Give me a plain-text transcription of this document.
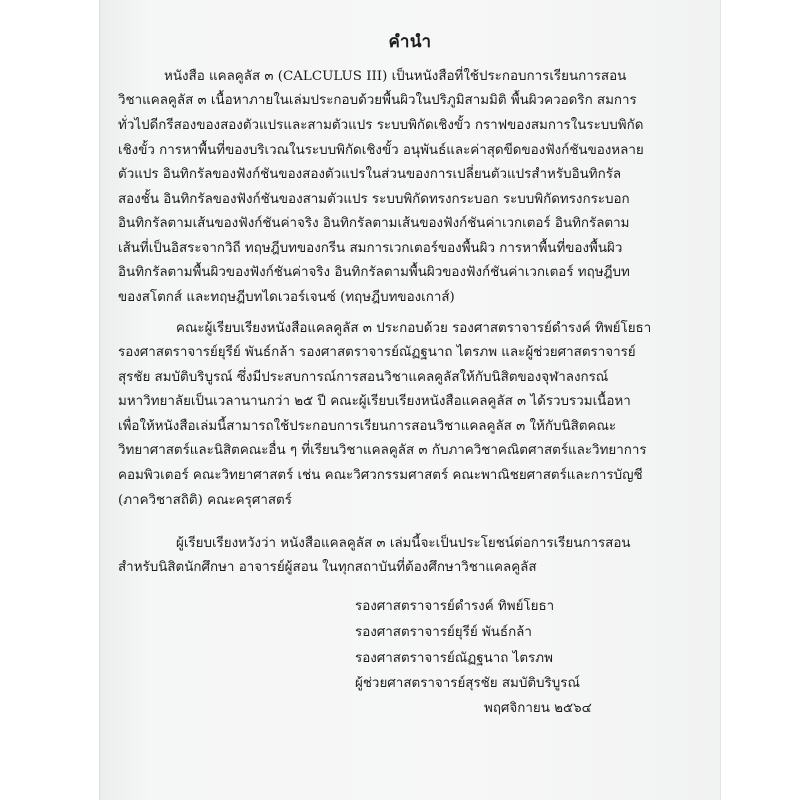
คำนำ
หนังสือ แคลคูลัส ๓ (CALCULUS III) เป็นหนังสือที่ใช้ประกอบการเรียนการสอน
วิชาแคลคูลัส ๓ เนื้อหาภายในเล่มประกอบด้วยพื้นผิวในปริภูมิสามมิติ พื้นผิวควอดริก สมการ
ทั่วไปดีกรีสองของสองตัวแปรและสามตัวแปร ระบบพิกัดเชิงขั้ว กราฟของสมการในระบบพิกัด
เชิงขั้ว การหาพื้นที่ของบริเวณในระบบพิกัดเชิงขั้ว อนุพันธ์และค่าสุดขีดของฟังก์ชันของหลาย
ตัวแปร อินทิกรัลของฟังก์ชันของสองตัวแปรในส่วนของการเปลี่ยนตัวแปรสำหรับอินทิกรัล
สองชั้น อินทิกรัลของฟังก์ชันของสามตัวแปร ระบบพิกัดทรงกระบอก ระบบพิกัดทรงกระบอก
อินทิกรัลตามเส้นของฟังก์ชันค่าจริง อินทิกรัลตามเส้นของฟังก์ชันค่าเวกเตอร์ อินทิกรัลตาม
เส้นที่เป็นอิสระจากวิถี ทฤษฎีบทของกรีน สมการเวกเตอร์ของพื้นผิว การหาพื้นที่ของพื้นผิว
อินทิกรัลตามพื้นผิวของฟังก์ชันค่าจริง อินทิกรัลตามพื้นผิวของฟังก์ชันค่าเวกเตอร์ ทฤษฎีบท
ของสโตกส์ และทฤษฎีบทไดเวอร์เจนซ์ (ทฤษฎีบทของเกาส์)
คณะผู้เรียบเรียงหนังสือแคลคูลัส ๓ ประกอบด้วย รองศาสตราจารย์ดำรงค์ ทิพย์โยธา
รองศาสตราจารย์ยุรีย์ พันธ์กล้า รองศาสตราจารย์ณัฏฐนาถ ไตรภพ และผู้ช่วยศาสตราจารย์
สุรชัย สมบัติบริบูรณ์ ซึ่งมีประสบการณ์การสอนวิชาแคลคูลัสให้กับนิสิตของจุฬาลงกรณ์
มหาวิทยาลัยเป็นเวลานานกว่า ๒๕ ปี คณะผู้เรียบเรียงหนังสือแคลคูลัส ๓ ได้รวบรวมเนื้อหา
เพื่อให้หนังสือเล่มนี้สามารถใช้ประกอบการเรียนการสอนวิชาแคลคูลัส ๓ ให้กับนิสิตคณะ
วิทยาศาสตร์และนิสิตคณะอื่น ๆ ที่เรียนวิชาแคลคูลัส ๓ กับภาควิชาคณิตศาสตร์และวิทยาการ
คอมพิวเตอร์ คณะวิทยาศาสตร์ เช่น คณะวิศวกรรมศาสตร์ คณะพาณิชยศาสตร์และการบัญชี
(ภาควิชาสถิติ) คณะครุศาสตร์
ผู้เรียบเรียงหวังว่า หนังสือแคลคูลัส ๓ เล่มนี้จะเป็นประโยชน์ต่อการเรียนการสอน
สำหรับนิสิตนักศึกษา อาจารย์ผู้สอน ในทุกสถาบันที่ต้องศึกษาวิชาแคลคูลัส
รองศาสตราจารย์ดำรงค์ ทิพย์โยธา
รองศาสตราจารย์ยุรีย์ พันธ์กล้า
รองศาสตราจารย์ณัฏฐนาถ ไตรภพ
ผู้ช่วยศาสตราจารย์สุรชัย สมบัติบริบูรณ์
พฤศจิกายน ๒๕๖๔
